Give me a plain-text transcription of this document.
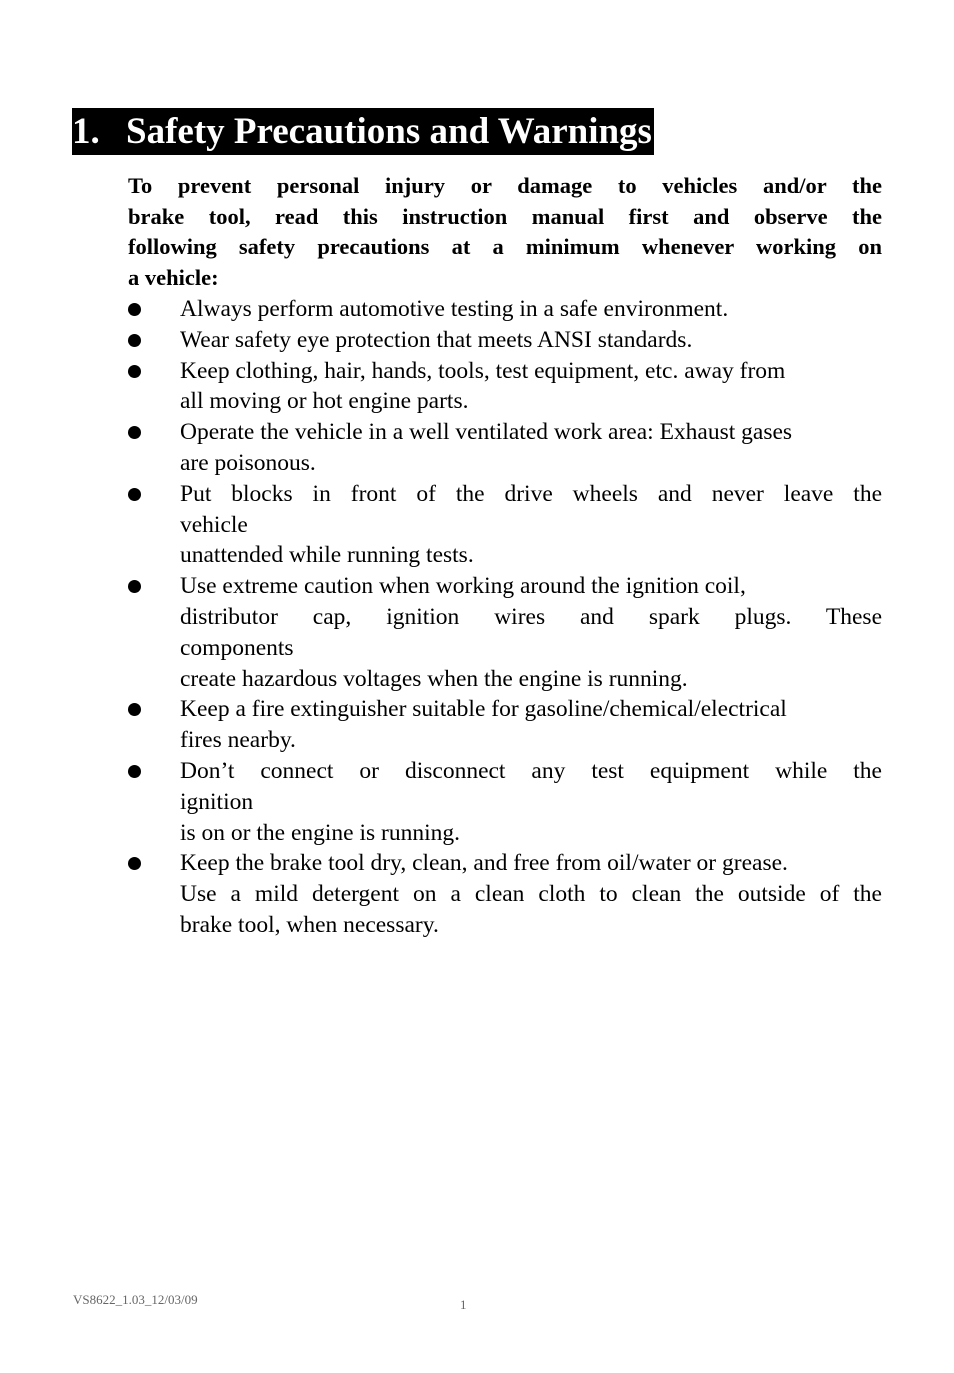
1. Safety Precautions and Warnings
To prevent personal injury or damage to vehicles and/or the
brake tool, read this instruction manual first and observe the
following safety precautions at a minimum whenever working on
a vehicle:
Always perform automotive testing in a safe environment.
Wear safety eye protection that meets ANSI standards.
Keep clothing, hair, hands, tools, test equipment, etc. away from
all moving or hot engine parts.
Operate the vehicle in a well ventilated work area: Exhaust gases
are poisonous.
Put blocks in front of the drive wheels and never leave the
vehicle
unattended while running tests.
Use extreme caution when working around the ignition coil,
distributor cap, ignition wires and spark plugs. These
components
create hazardous voltages when the engine is running.
Keep a fire extinguisher suitable for gasoline/chemical/electrical
fires nearby.
Don’t connect or disconnect any test equipment while the
ignition
is on or the engine is running.
Keep the brake tool dry, clean, and free from oil/water or grease.
Use a mild detergent on a clean cloth to clean the outside of the
brake tool, when necessary.
VS8622_1.03_12/03/09	1
